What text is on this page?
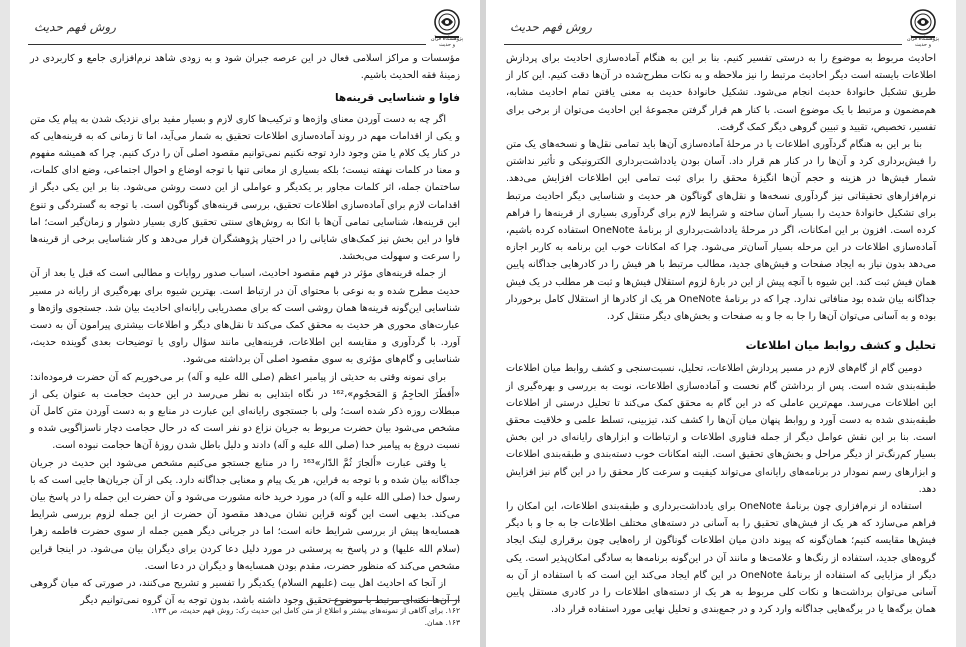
پژوهشگاه قرآن و حدیث
روش فهم حدیث

مؤسسات و مراکز اسلامی فعال در این عرصه جبران شود و به زودی شاهد نرم‌افزاری جامع و کاربردی در زمینهٔ فقه الحدیث باشیم.

فاوا و شناسایی قرینه‌ها

اگر چه به دست آوردن معنای واژه‌ها و ترکیب‌ها کاری لازم و بسیار مفید برای نزدیک شدن به پیام یک متن و یکی از اقدامات مهم در روند آماده‌سازی اطلاعات تحقیق به شمار می‌آید، اما تا زمانی که به قرینه‌هایی که در کنار یک کلام یا متن وجود دارد توجه نکنیم نمی‌توانیم مقصود اصلی آن را درک کنیم. چرا که همیشه مفهوم و معنا در کلمات نهفته نیست؛ بلکه بسیاری از معانی تنها با توجه اوضاع و احوال اجتماعی، وضع ادای کلمات، ساختمان جمله، اثر کلمات مجاور بر یکدیگر و عواملی از این دست روشن می‌شود. بنا بر این یکی دیگر از اقدامات لازم برای آماده‌سازی اطلاعات تحقیق، بررسی قرینه‌های گوناگون است. با توجه به گستردگی و تنوع این قرینه‌ها، شناسایی تمامی آن‌ها با اتکا به روش‌های سنتی تحقیق کاری بسیار دشوار و زمان‌گیر است؛ اما فاوا در این بخش نیز کمک‌های شایانی را در اختیار پژوهشگران قرار می‌دهد و کار شناسایی برخی از قرینه‌ها را سرعت و سهولت می‌بخشد.

از جمله قرینه‌های مؤثر در فهم مقصود احادیث، اسباب صدور روایات و مطالبی است که قبل یا بعد از آن حدیث مطرح شده و به نوعی با محتوای آن در ارتباط است. بهترین شیوه برای بهره‌گیری از رایانه در مسیر شناسایی این‌گونه قرینه‌ها همان روشی است که برای مصدریابی رایانه‌ای احادیث بیان شد. جستجوی واژه‌ها و عبارت‌های محوری هر حدیث به محقق کمک می‌کند تا نقل‌های دیگر و اطلاعات بیشتری پیرامون آن به دست آورد. با گردآوری و مقایسه این اطلاعات، قرینه‌هایی مانند سؤال راوی یا توضیحات بعدی گوینده حدیث، شناسایی و گام‌های مؤثری به سوی مقصود اصلی آن برداشته می‌شود.

برای نمونه وقتی به حدیثی از پیامبر اعظم (صلی الله علیه و آله) بر می‌خوریم که آن حضرت فرموده‌اند: «أَفطَرَ الحاجِمُ وَ المَحجُوم»،¹⁶² در نگاه ابتدایی به نظر می‌رسد در این حدیث حجامت به عنوان یکی از مبطلات روزه ذکر شده است؛ ولی با جستجوی رایانه‌ای این عبارت در منابع و به دست آوردن متن کامل آن مشخص می‌شود بیان حضرت مربوط به جریان نزاع دو نفر است که در حال حجامت دچار ناسزاگویی شده و نسبت دروغ به پیامبر خدا (صلی الله علیه و آله) دادند و دلیل باطل شدن روزهٔ آن‌ها حجامت نبوده است.

یا وقتی عبارت «أَلجارَ ثُمَّ الدّار»¹⁶³ را در منابع جستجو می‌کنیم مشخص می‌شود این حدیث در جریان جداگانه بیان شده و با توجه به قراین، هر یک پیام و معنایی جداگانه دارد. یکی از آن جریان‌ها جایی است که با رسول خدا (صلی الله علیه و آله) در مورد خرید خانه مشورت می‌شود و آن حضرت این جمله را در پاسخ بیان می‌کند. بدیهی است این گونه قراین نشان می‌دهد مقصود آن حضرت از این جمله لزوم بررسی شرایط همسایه‌ها پیش از بررسی شرایط خانه است؛ اما در جریانی دیگر همین جمله از سوی حضرت فاطمه زهرا (سلام الله علیها) و در پاسخ به پرسشی در مورد دلیل دعا کردن برای دیگران بیان می‌شود. در اینجا قراین مشخص می‌کند که منظور حضرت، مقدم بودن همسایه‌ها و دیگران در دعا است.

از آنجا که احادیث اهل بیت (علیهم السلام) یکدیگر را تفسیر و تشریح می‌کنند، در صورتی که میان گروهی از آن‌ها نکته‌ای مرتبط با موضوع تحقیق وجود داشته باشد، بدون توجه به آن گروه نمی‌توانیم دیگر

۱۶۲. برای آگاهی از نمونه‌های بیشتر و اطلاع از متن کامل این حدیث رک: روش فهم حدیث، ص ۱۴۳.
۱۶۳. همان.
پژوهشگاه قرآن و حدیث
روش فهم حدیث

احادیث مربوط به موضوع را به درستی تفسیر کنیم. بنا بر این به هنگام آماده‌سازی احادیث برای پردازش اطلاعات بایسته است دیگر احادیث مرتبط را نیز ملاحظه و به نکات مطرح‌شده در آن‌ها دقت کنیم. این کار از طریق تشکیل خانوادهٔ حدیث انجام می‌شود. تشکیل خانوادهٔ حدیث به معنی یافتن تمام احادیث مشابه، هم‌مضمون و مرتبط با یک موضوع است. با کنار هم قرار گرفتن مجموعهٔ این احادیث می‌توان از برخی برای تفسیر، تخصیص، تقیید و تبیین گروهی دیگر کمک گرفت.

بنا بر این به هنگام گردآوری اطلاعات یا در مرحلهٔ آماده‌سازی آن‌ها باید تمامی نقل‌ها و نسخه‌های یک متن را فیش‌برداری کرد و آن‌ها را در کنار هم قرار داد. آسان بودن یادداشت‌برداری الکترونیکی و تأثیر نداشتن شمار فیش‌ها در هزینه و حجم آن‌ها انگیزهٔ محقق را برای ثبت تمامی این اطلاعات افزایش می‌دهد. نرم‌افزارهای تحقیقاتی نیز گردآوری نسخه‌ها و نقل‌های گوناگون هر حدیث و شناسایی دیگر احادیث مرتبط برای تشکیل خانوادهٔ حدیث را بسیار آسان ساخته و شرایط لازم برای گردآوری بسیاری از قرینه‌ها را فراهم کرده است. افزون بر این امکانات، اگر در مرحلهٔ یادداشت‌برداری از برنامهٔ OneNote استفاده کرده باشیم، آماده‌سازی اطلاعات در این مرحله بسیار آسان‌تر می‌شود. چرا که امکانات خوب این برنامه به کاربر اجازه می‌دهد بدون نیاز به ایجاد صفحات و فیش‌های جدید، مطالب مرتبط با هر فیش را در کادرهایی جداگانه پایین همان فیش ثبت کند. این شیوه با آنچه پیش از این در بارهٔ لزوم استقلال فیش‌ها و ثبت هر مطلب در یک فیش جداگانه بیان شده بود منافاتی ندارد. چرا که در برنامهٔ OneNote هر یک از کادرها از استقلال کامل برخوردار بوده و به آسانی می‌توان آن‌ها را جا به جا و به صفحات و بخش‌های دیگر منتقل کرد.

تحلیل و کشف روابط میان اطلاعات

دومین گام از گام‌های لازم در مسیر پردازش اطلاعات، تحلیل، نسبت‌سنجی و کشف روابط میان اطلاعات طبقه‌بندی شده است. پس از برداشتن گام نخست و آماده‌سازی اطلاعات، نوبت به بررسی و بهره‌گیری از این اطلاعات می‌رسد. مهم‌ترین عاملی که در این گام به محقق کمک می‌کند تا تحلیل درستی از اطلاعات طبقه‌بندی شده به دست آورد و روابط پنهان میان آن‌ها را کشف کند، تیزبینی، تسلط علمی و خلاقیت محقق است. بنا بر این نقش عوامل دیگر از جمله فناوری اطلاعات و ارتباطات و ابزارهای رایانه‌ای در این بخش بسیار کم‌رنگ‌تر از دیگر مراحل و بخش‌های تحقیق است. البته امکانات خوب دسته‌بندی و طبقه‌بندی اطلاعات و ابزارهای رسم نمودار در برنامه‌های رایانه‌ای می‌تواند کیفیت و سرعت کار محقق را در این گام نیز افزایش دهد.

استفاده از نرم‌افزاری چون برنامهٔ OneNote برای یادداشت‌برداری و طبقه‌بندی اطلاعات، این امکان را فراهم می‌سازد که هر یک از فیش‌های تحقیق را به آسانی در دسته‌های مختلف اطلاعات جا به جا و با دیگر فیش‌ها مقایسه کنیم؛ همان‌گونه که پیوند دادن میان اطلاعات گوناگون از راه‌هایی چون برقراری لینک ایجاد گروه‌های جدید، استفاده از رنگ‌ها و علامت‌ها و مانند آن در این‌گونه برنامه‌ها به سادگی امکان‌پذیر است. یکی دیگر از مزایایی که استفاده از برنامهٔ OneNote در این گام ایجاد می‌کند این است که با استفاده از آن به آسانی می‌توان برداشت‌ها و نکات کلی مربوط به هر یک از دسته‌های اطلاعات را در کادری مستقل پایین همان برگه‌ها یا در برگه‌هایی جداگانه وارد کرد و در جمع‌بندی و تحلیل نهایی مورد استفاده قرار داد.
